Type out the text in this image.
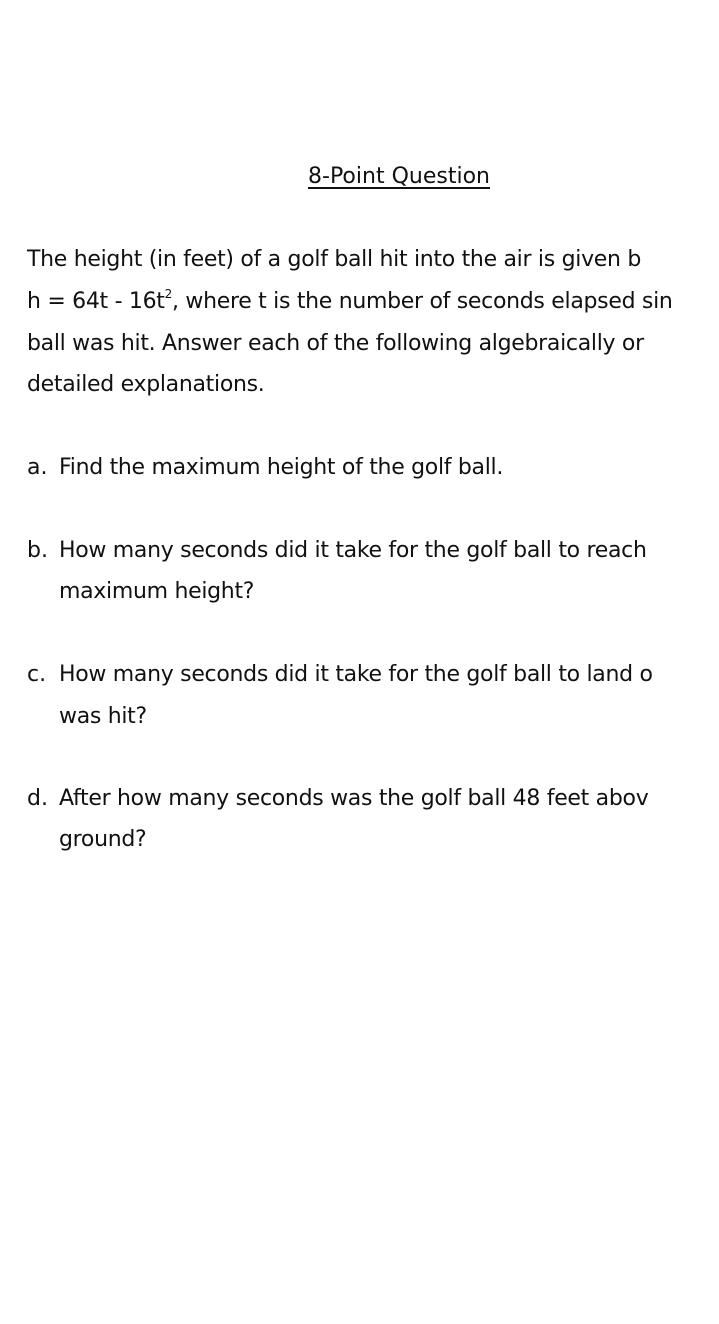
8-Point Question
The height (in feet) of a golf ball hit into the air is given b
$h = 64t - 16t^2$, where t is the number of seconds elapsed sin
ball was hit. Answer each of the following algebraically or
detailed explanations.
a. Find the maximum height of the golf ball.
b. How many seconds did it take for the golf ball to reach
maximum height?
c. How many seconds did it take for the golf ball to land o
was hit?
d. After how many seconds was the golf ball 48 feet abov
ground?
